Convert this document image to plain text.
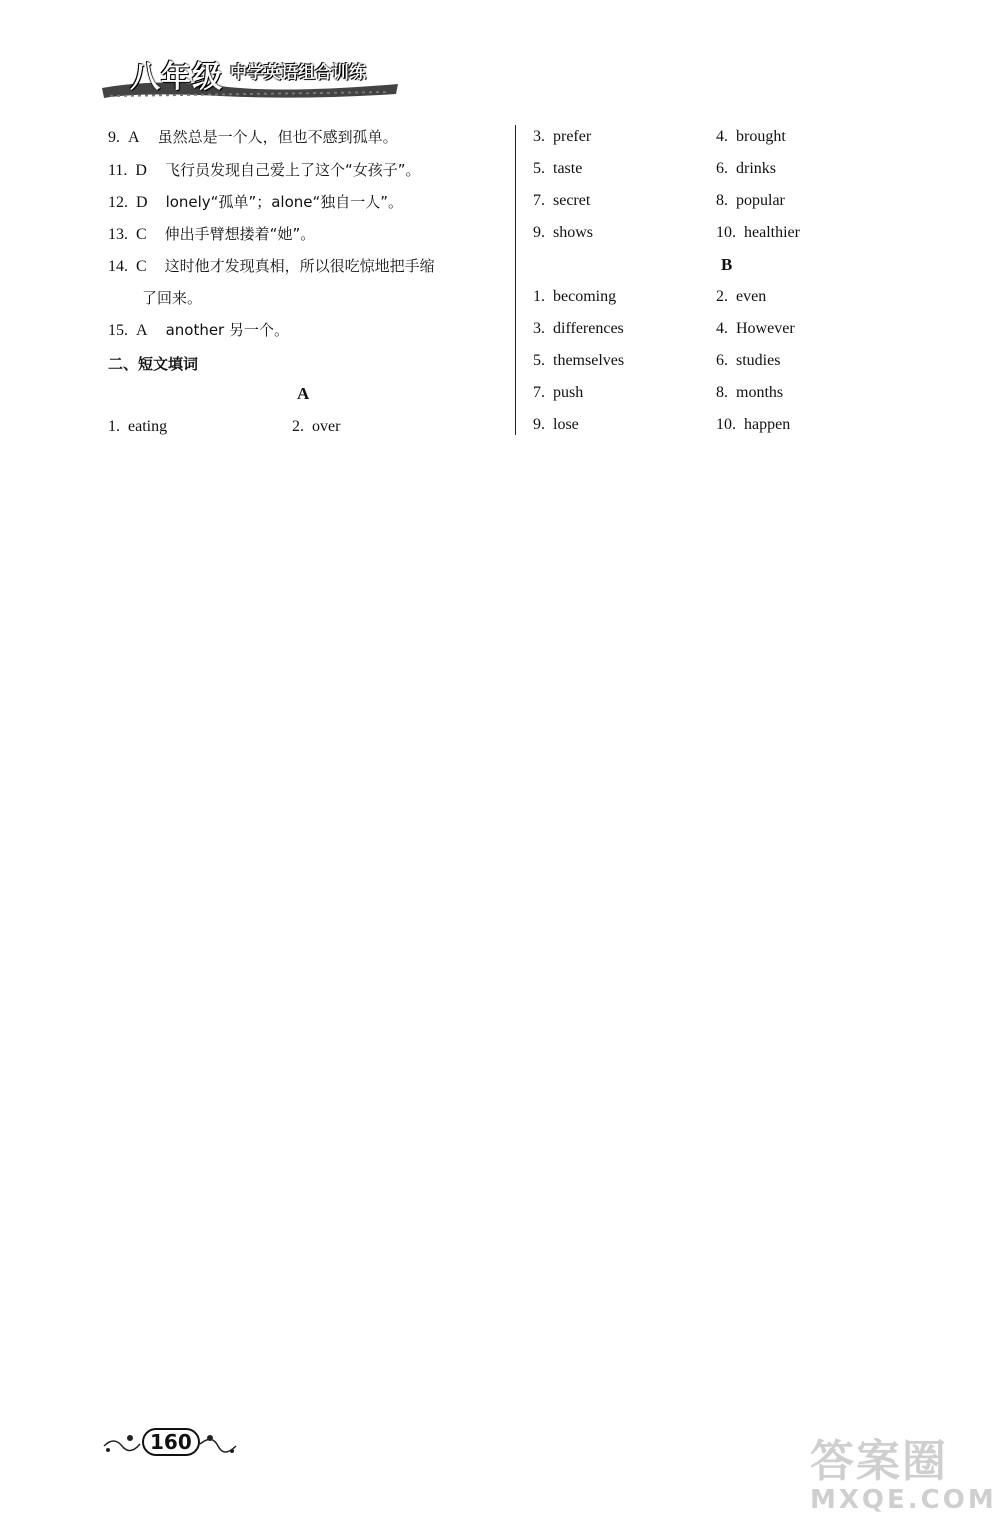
八年级 中学英语组合训练
9. A 虽然总是一个人，但也不感到孤单。
11. D 飞行员发现自己爱上了这个“女孩子”。
12. D lonely“孤单”；alone“独自一人”。
13. C 伸出手臂想搂着“她”。
14. C 这时他才发现真相，所以很吃惊地把手缩
了回来。
15. A another 另一个。
二、短文填词
A
1. eating	2. over
3. prefer	4. brought
5. taste	6. drinks
7. secret	8. popular
9. shows	10. healthier
B
1. becoming	2. even
3. differences	4. However
5. themselves	6. studies
7. push	8. months
9. lose	10. happen
160	答案圈
MXQE.COM
